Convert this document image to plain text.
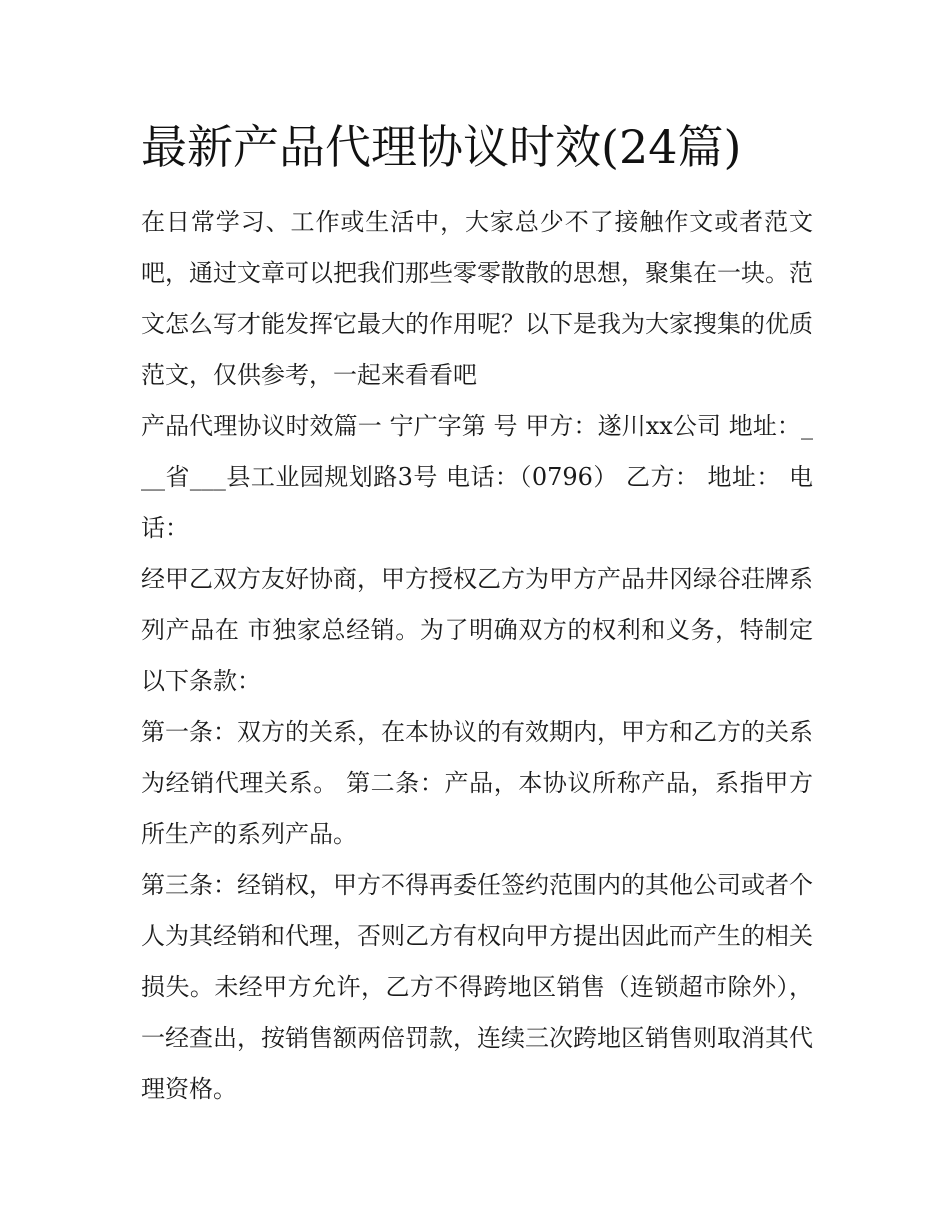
最新产品代理协议时效(24篇)

在日常学习、工作或生活中，大家总少不了接触作文或者范文吧，通过文章可以把我们那些零零散散的思想，聚集在一块。范文怎么写才能发挥它最大的作用呢？以下是我为大家搜集的优质范文，仅供参考，一起来看看吧

产品代理协议时效篇一 宁广字第 号 甲方：遂川xx公司 地址：___省___县工业园规划路3号 电话：（0796） 乙方： 地址： 电话：

经甲乙双方友好协商，甲方授权乙方为甲方产品井冈绿谷荘牌系列产品在 市独家总经销。为了明确双方的权利和义务，特制定以下条款：

第一条：双方的关系，在本协议的有效期内，甲方和乙方的关系为经销代理关系。 第二条：产品，本协议所称产品，系指甲方所生产的系列产品。

第三条：经销权，甲方不得再委任签约范围内的其他公司或者个人为其经销和代理，否则乙方有权向甲方提出因此而产生的相关损失。未经甲方允许，乙方不得跨地区销售（连锁超市除外），一经查出，按销售额两倍罚款，连续三次跨地区销售则取消其代理资格。
